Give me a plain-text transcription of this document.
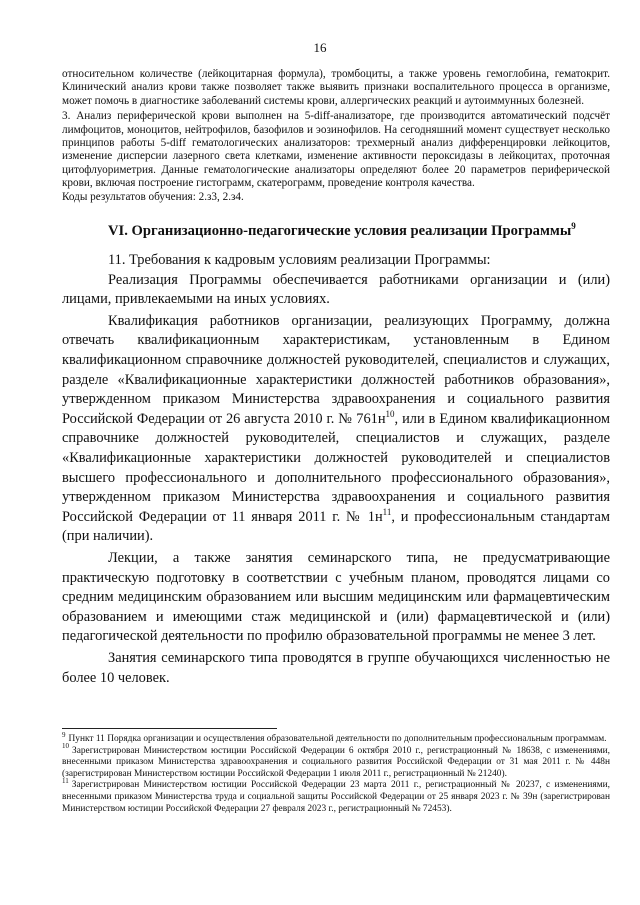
16

относительном количестве (лейкоцитарная формула), тромбоциты, а также уровень гемоглобина, гематокрит. Клинический анализ крови также позволяет также выявить признаки воспалительного процесса в организме, может помочь в диагностике заболеваний системы крови, аллергических реакций и аутоиммунных болезней.

3. Анализ периферической крови выполнен на 5-diff-анализаторе, где производится автоматический подсчёт лимфоцитов, моноцитов, нейтрофилов, базофилов и эозинофилов. На сегодняшний момент существует несколько принципов работы 5-diff гематологических анализаторов: трехмерный анализ дифференцировки лейкоцитов, изменение дисперсии лазерного света клетками, изменение активности пероксидазы в лейкоцитах, проточная цитофлуориметрия. Данные гематологические анализаторы определяют более 20 параметров периферической крови, включая построение гистограмм, скатерограмм, проведение контроля качества.

Коды результатов обучения: 2.з3, 2.з4.

VI. Организационно-педагогические условия реализации Программы$^9$

11. Требования к кадровым условиям реализации Программы:

Реализация Программы обеспечивается работниками организации и (или) лицами, привлекаемыми на иных условиях.

Квалификация работников организации, реализующих Программу, должна отвечать квалификационным характеристикам, установленным в Едином квалификационном справочнике должностей руководителей, специалистов и служащих, разделе «Квалификационные характеристики должностей работников образования», утвержденном приказом Министерства здравоохранения и социального развития Российской Федерации от 26 августа 2010 г. № $761н^{10}$, или в Едином квалификационном справочнике должностей руководителей, специалистов и служащих, разделе «Квалификационные характеристики должностей руководителей и специалистов высшего профессионального и дополнительного профессионального образования», утвержденном приказом Министерства здравоохранения и социального развития Российской Федерации от 11 января 2011 г. № $1н^{11}$, и профессиональным стандартам (при наличии).

Лекции, а также занятия семинарского типа, не предусматривающие практическую подготовку в соответствии с учебным планом, проводятся лицами со средним медицинским образованием или высшим медицинским или фармацевтическим образованием и имеющими стаж медицинской и (или) фармацевтической и (или) педагогической деятельности по профилю образовательной программы не менее 3 лет.

Занятия семинарского типа проводятся в группе обучающихся численностью не более 10 человек.

$^9$ Пункт 11 Порядка организации и осуществления образовательной деятельности по дополнительным профессиональным программам.

$^{10}$ Зарегистрирован Министерством юстиции Российской Федерации 6 октября 2010 г., регистрационный № 18638, с изменениями, внесенными приказом Министерства здравоохранения и социального развития Российской Федерации от 31 мая 2011 г. № 448н (зарегистрирован Министерством юстиции Российской Федерации 1 июля 2011 г., регистрационный № 21240).

$^{11}$ Зарегистрирован Министерством юстиции Российской Федерации 23 марта 2011 г., регистрационный № 20237, с изменениями, внесенными приказом Министерства труда и социальной защиты Российской Федерации от 25 января 2023 г. № 39н (зарегистрирован Министерством юстиции Российской Федерации 27 февраля 2023 г., регистрационный № 72453).
